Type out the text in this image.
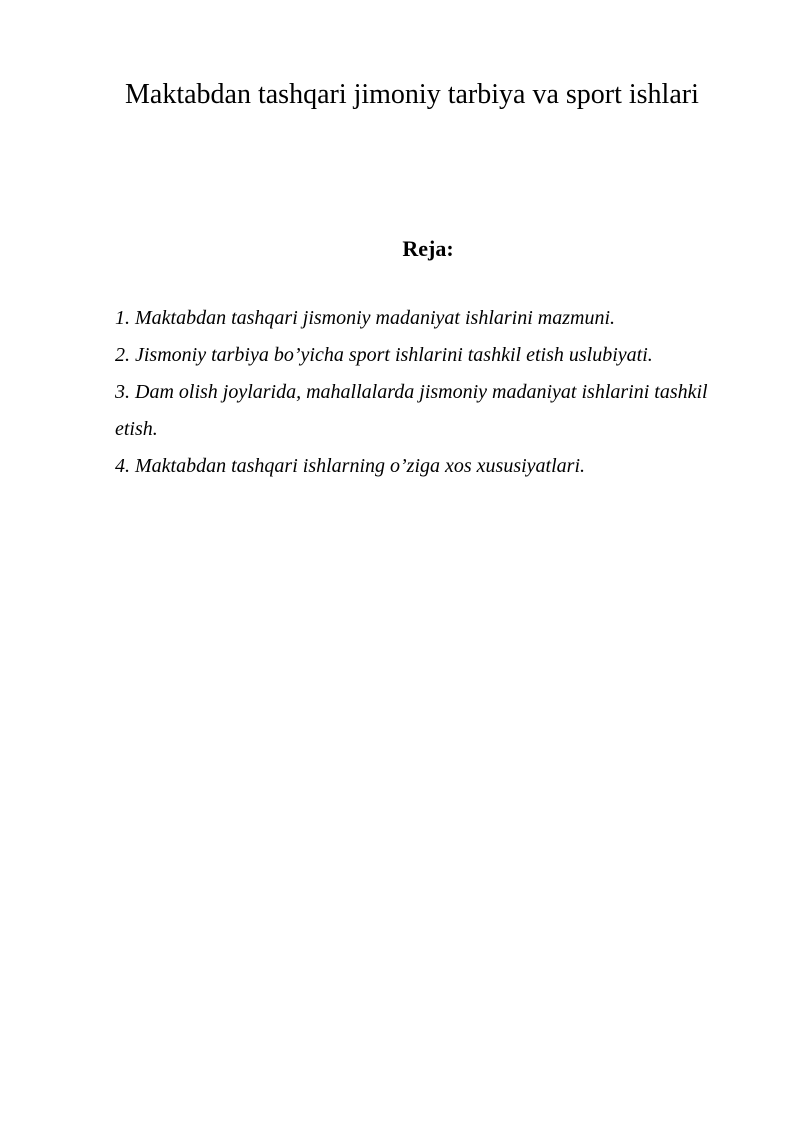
Maktabdan tashqari jimoniy tarbiya va sport ishlari
Reja:
1. Maktabdan tashqari jismoniy madaniyat ishlarini mazmuni.
2. Jismoniy tarbiya bo’yicha sport ishlarini tashkil etish uslubiyati.
3. Dam olish joylarida, mahallalarda jismoniy madaniyat ishlarini tashkil etish.
4. Maktabdan tashqari ishlarning o’ziga xos xususiyatlari.
